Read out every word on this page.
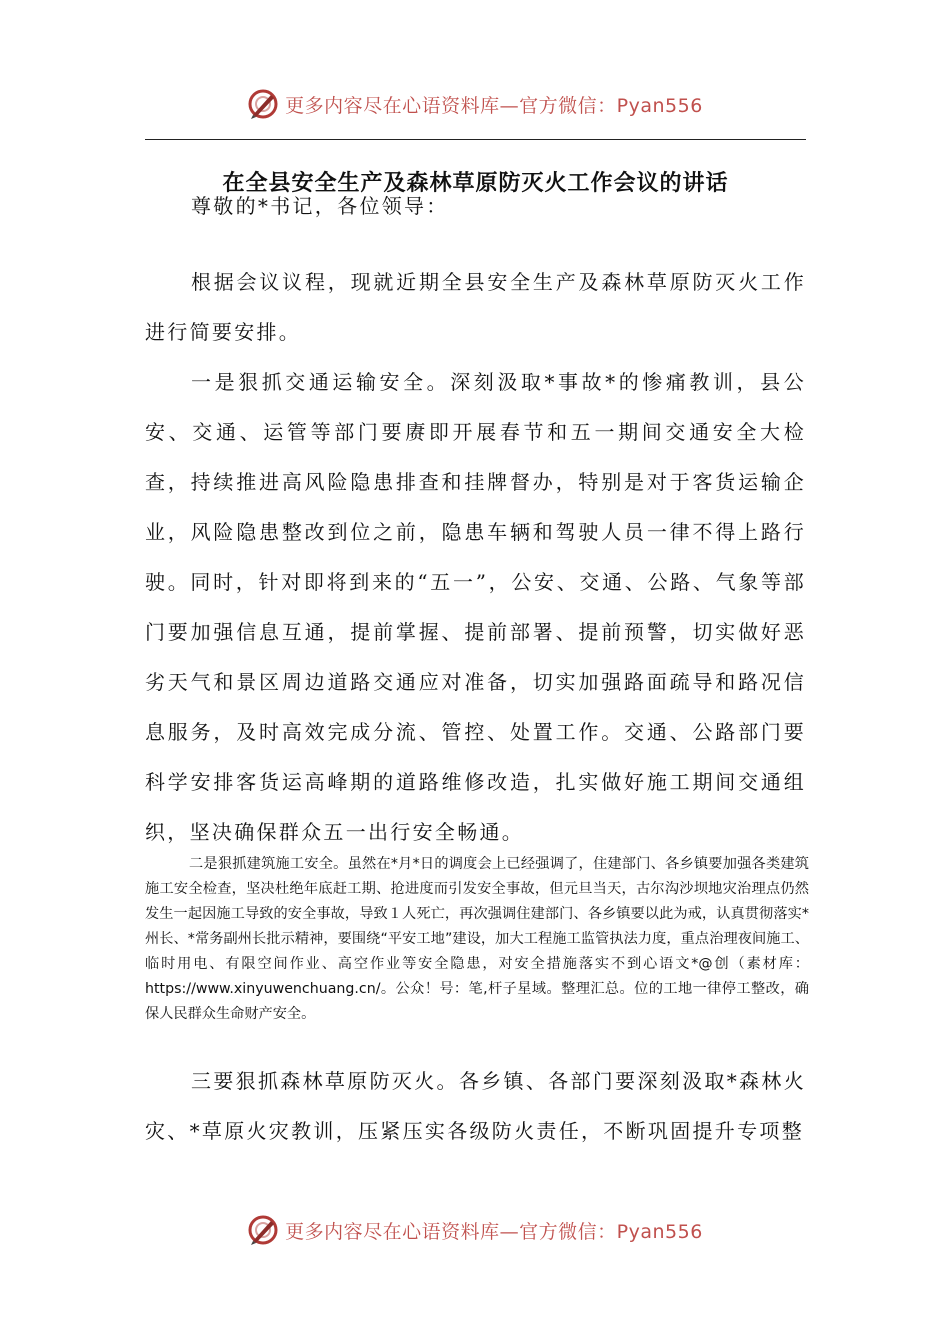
更多内容尽在心语资料库—官方微信：Pyan556
在全县安全生产及森林草原防灭火工作会议的讲话

尊敬的*书记，各位领导：

根据会议议程，现就近期全县安全生产及森林草原防灭火工作进行简要安排。

一是狠抓交通运输安全。深刻汲取*事故*的惨痛教训，县公安、交通、运管等部门要赓即开展春节和五一期间交通安全大检查，持续推进高风险隐患排查和挂牌督办，特别是对于客货运输企业，风险隐患整改到位之前，隐患车辆和驾驶人员一律不得上路行驶。同时，针对即将到来的“五一”，公安、交通、公路、气象等部门要加强信息互通，提前掌握、提前部署、提前预警，切实做好恶劣天气和景区周边道路交通应对准备，切实加强路面疏导和路况信息服务，及时高效完成分流、管控、处置工作。交通、公路部门要科学安排客货运高峰期的道路维修改造，扎实做好施工期间交通组织，坚决确保群众五一出行安全畅通。

二是狠抓建筑施工安全。虽然在*月*日的调度会上已经强调了，住建部门、各乡镇要加强各类建筑施工安全检查，坚决杜绝年底赶工期、抢进度而引发安全事故，但元旦当天，古尔沟沙坝地灾治理点仍然发生一起因施工导致的安全事故，导致１人死亡，再次强调住建部门、各乡镇要以此为戒，认真贯彻落实*州长、*常务副州长批示精神，要围绕“平安工地”建设，加大工程施工监管执法力度，重点治理夜间施工、临时用电、有限空间作业、高空作业等安全隐患，对安全措施落实不到心语文*@创（素材库：https://www.xinyuwenchuang.cn/。公众！号：笔,杆子星域。整理汇总。位的工地一律停工整改，确保人民群众生命财产安全。

三要狠抓森林草原防灭火。各乡镇、各部门要深刻汲取*森林火灾、*草原火灾教训，压紧压实各级防火责任，不断巩固提升专项整

更多内容尽在心语资料库—官方微信：Pyan556
